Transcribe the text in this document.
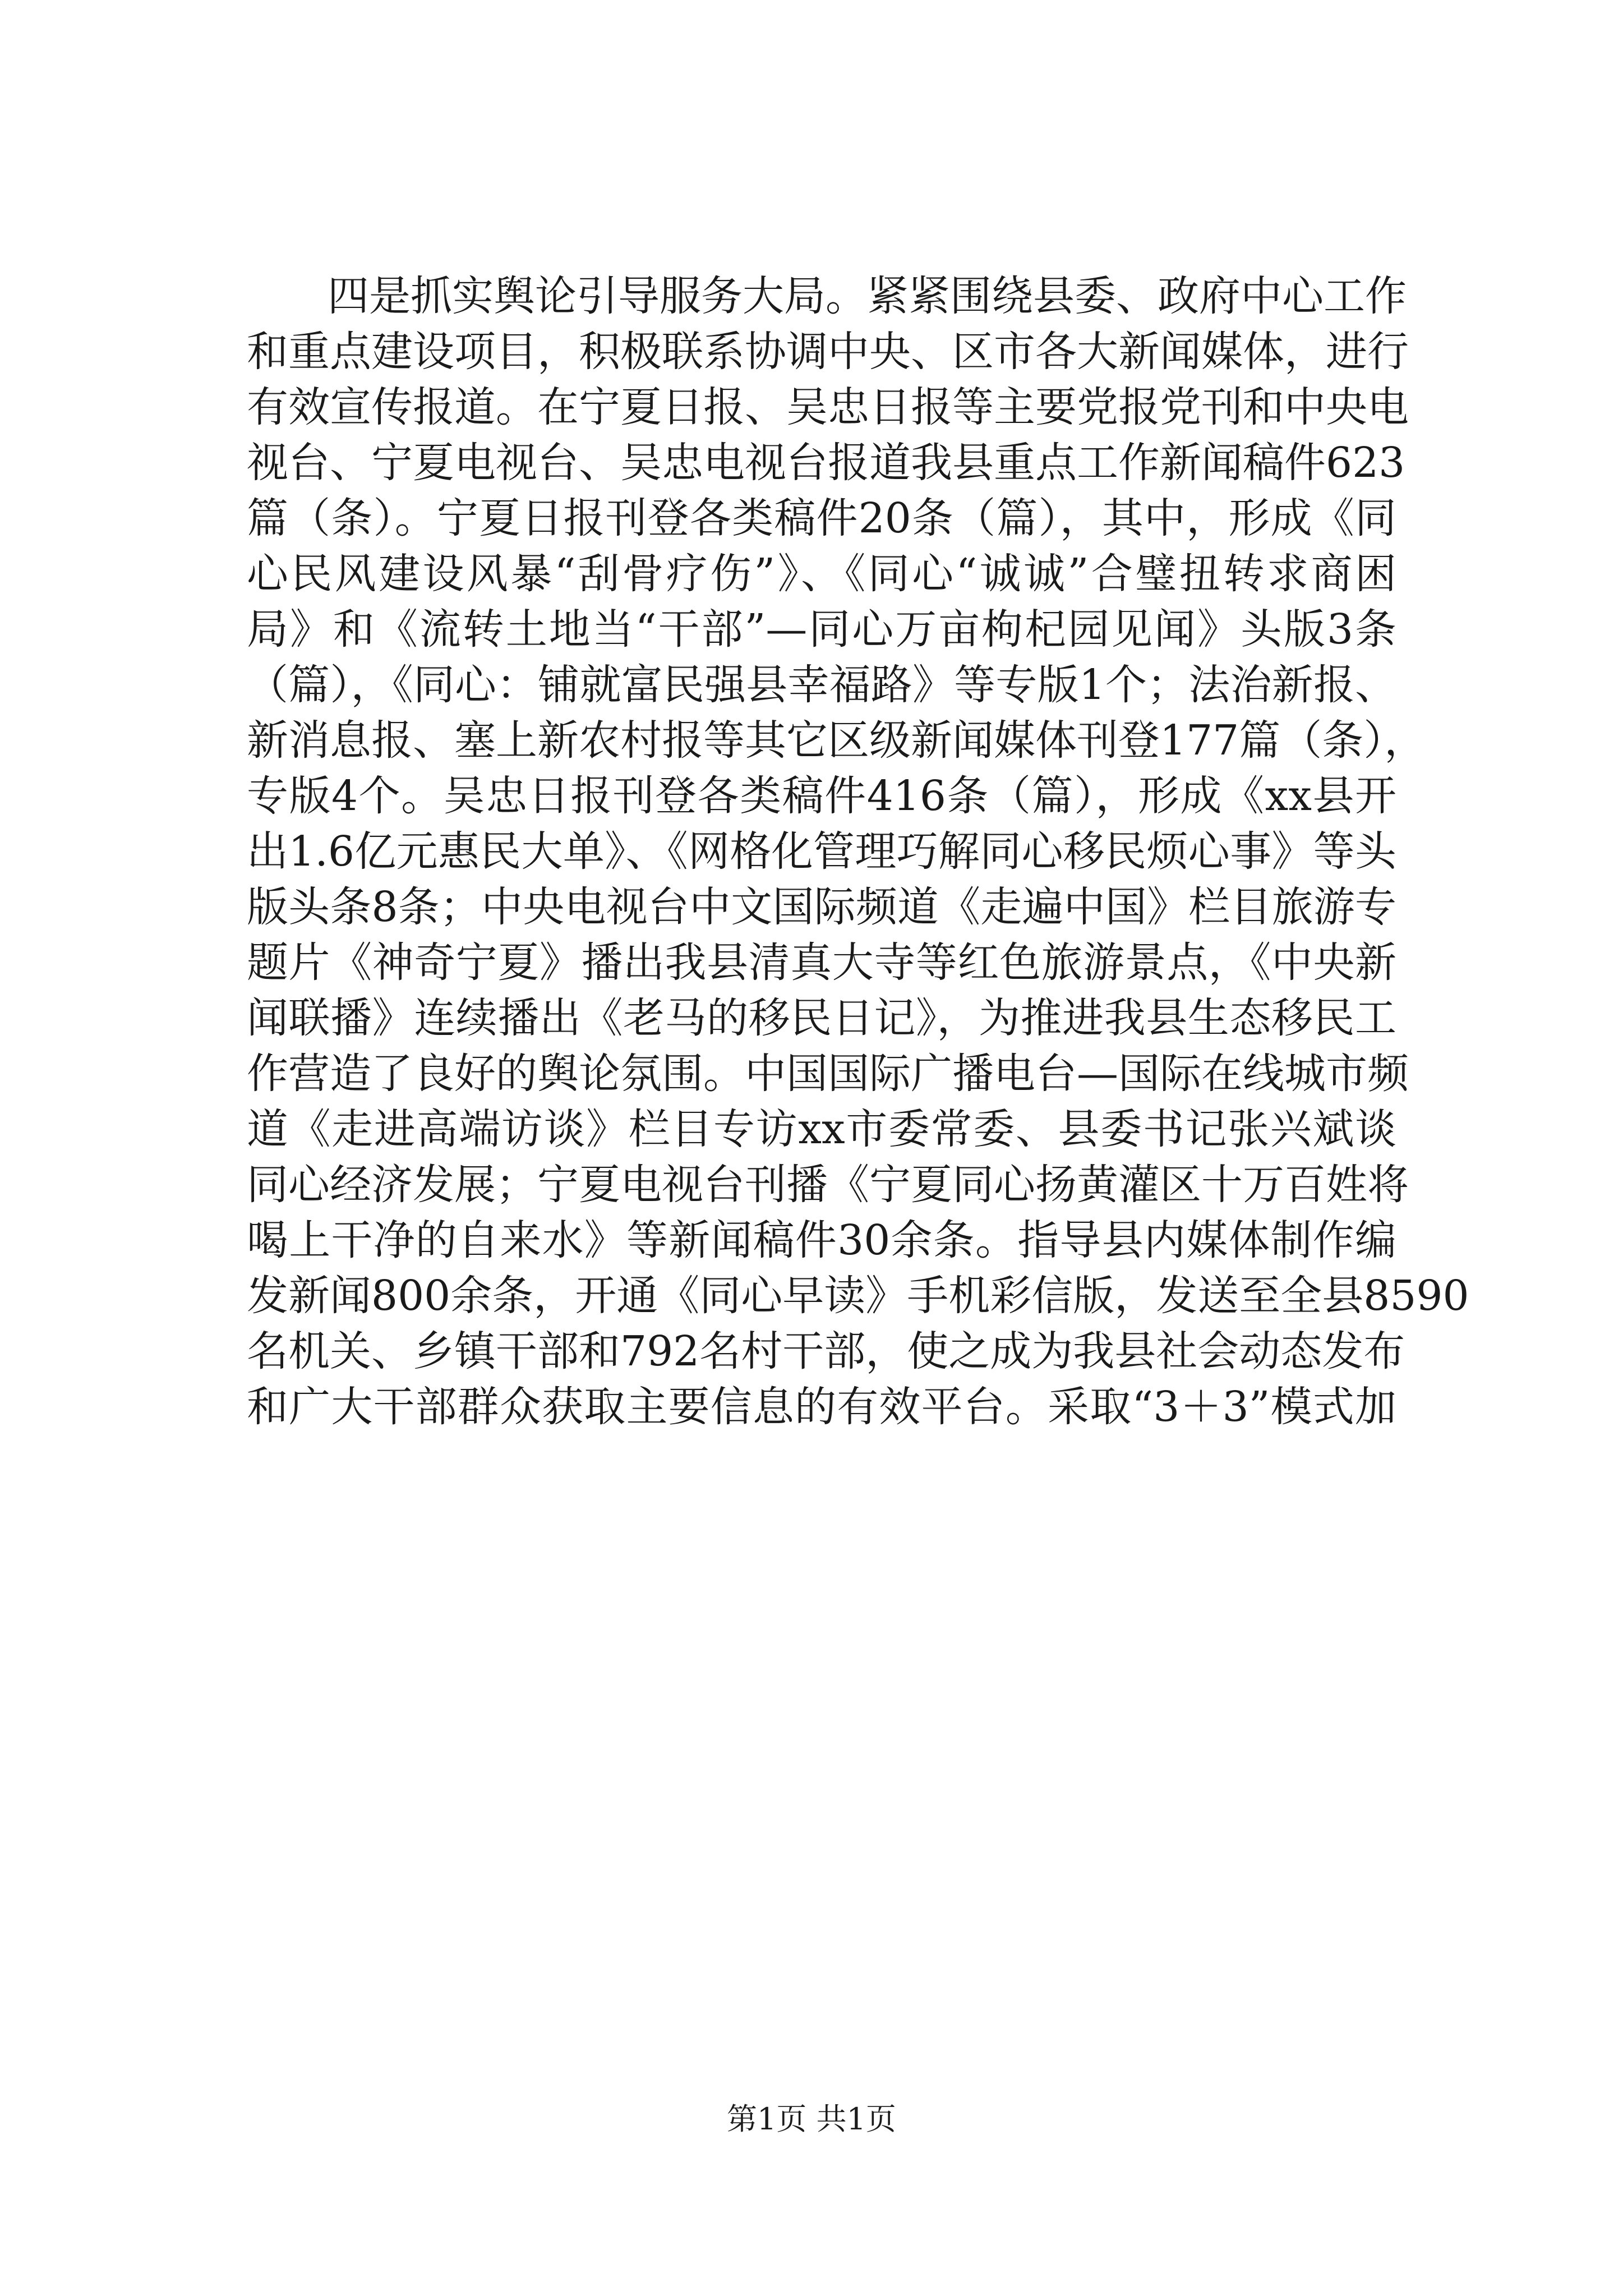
四是抓实舆论引导服务大局。紧紧围绕县委、政府中心工作
和重点建设项目，积极联系协调中央、区市各大新闻媒体，进行
有效宣传报道。在宁夏日报、吴忠日报等主要党报党刊和中央电
视台、宁夏电视台、吴忠电视台报道我县重点工作新闻稿件623
篇（条）。宁夏日报刊登各类稿件20条（篇），其中，形成《同
心民风建设风暴“刮骨疗伤”》、《同心“诚诚”合璧扭转求商困
局》和《流转土地当“干部”—同心万亩枸杞园见闻》头版3条
（篇），《同心：铺就富民强县幸福路》等专版1个；法治新报、
新消息报、塞上新农村报等其它区级新闻媒体刊登177篇（条），
专版4个。吴忠日报刊登各类稿件416条（篇），形成《xx县开
出1.6亿元惠民大单》、《网格化管理巧解同心移民烦心事》等头
版头条8条；中央电视台中文国际频道《走遍中国》栏目旅游专
题片《神奇宁夏》播出我县清真大寺等红色旅游景点，《中央新
闻联播》连续播出《老马的移民日记》，为推进我县生态移民工
作营造了良好的舆论氛围。中国国际广播电台—国际在线城市频
道《走进高端访谈》栏目专访xx市委常委、县委书记张兴斌谈
同心经济发展；宁夏电视台刊播《宁夏同心扬黄灌区十万百姓将
喝上干净的自来水》等新闻稿件30余条。指导县内媒体制作编
发新闻800余条，开通《同心早读》手机彩信版，发送至全县8590
名机关、乡镇干部和792名村干部，使之成为我县社会动态发布
和广大干部群众获取主要信息的有效平台。采取“3＋3”模式加
第1页 共1页
